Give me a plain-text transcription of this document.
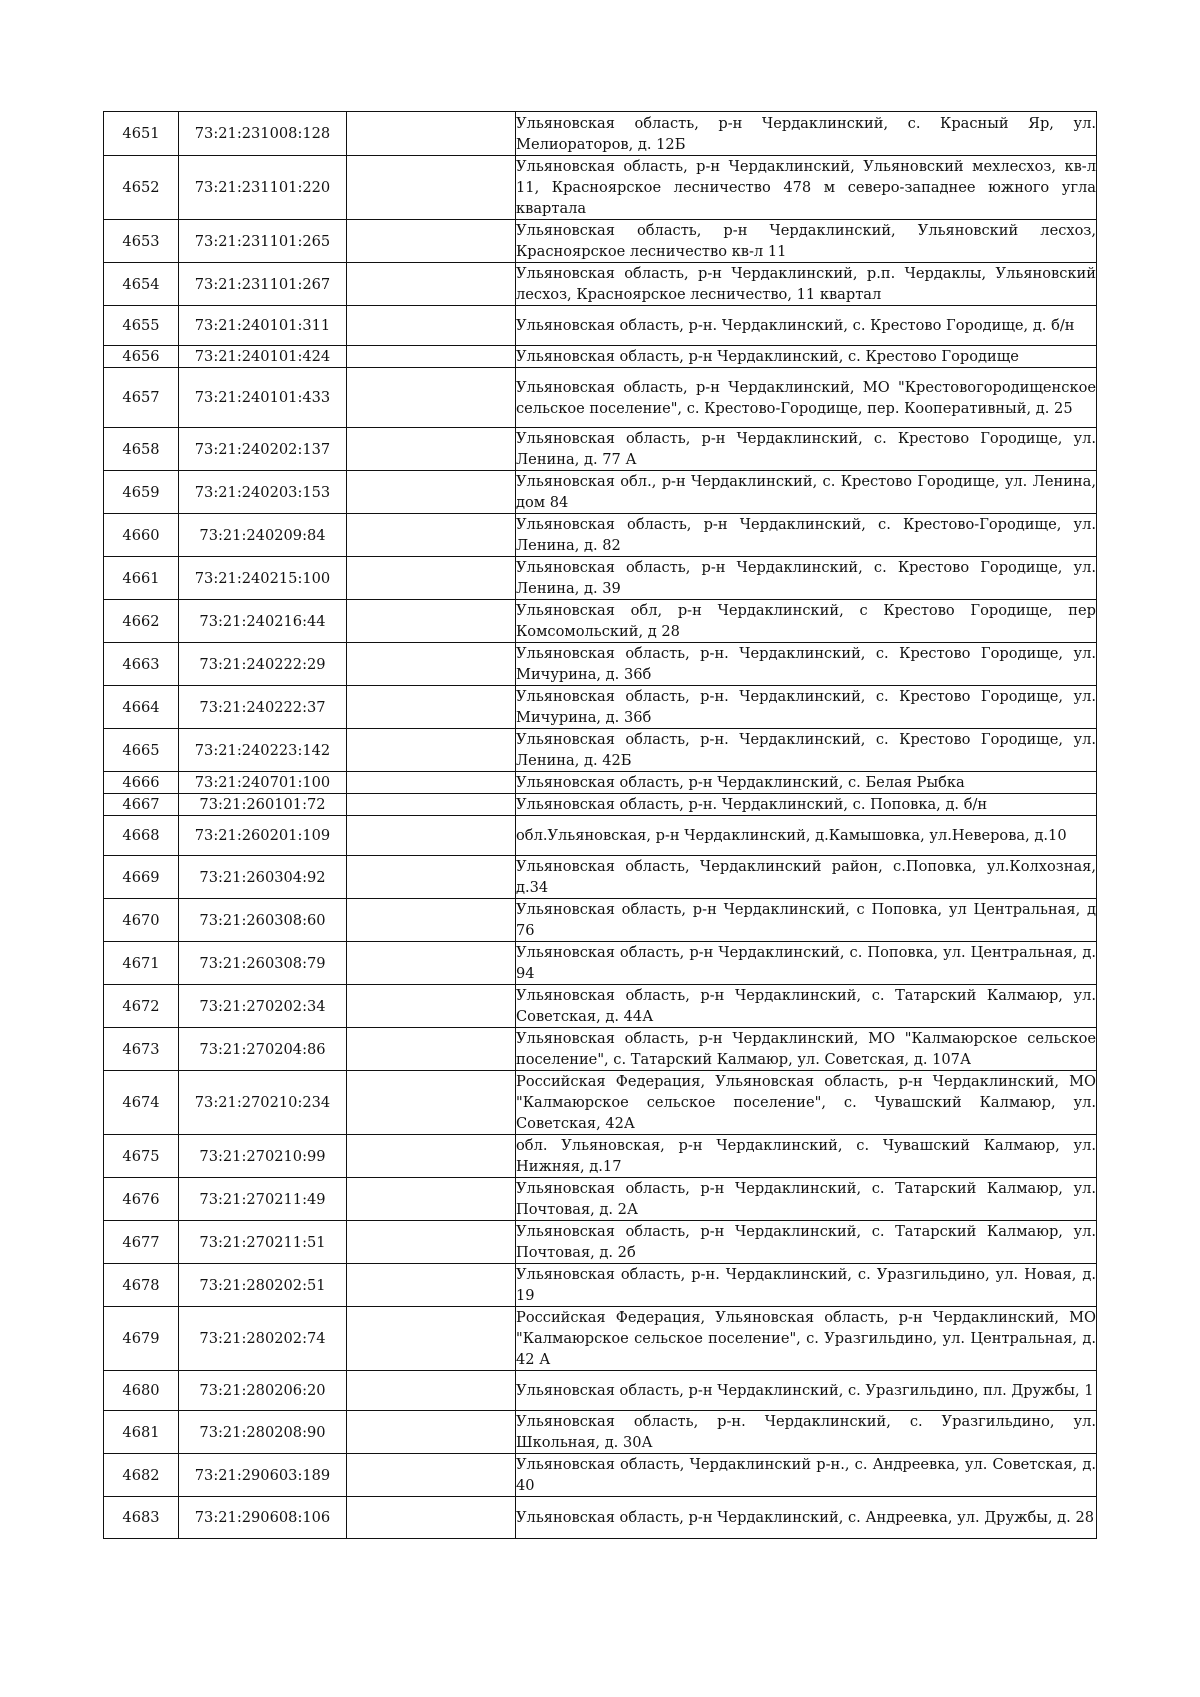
4651	73:21:231008:128		Ульяновская область, р-н Чердаклинский, с. Красный Яр, ул. Мелиораторов, д. 12Б

4652	73:21:231101:220		Ульяновская область, р-н Чердаклинский, Ульяновский мехлесхоз, кв-л 11, Красноярское лесничество 478 м северо-западнее южного угла квартала

4653	73:21:231101:265		Ульяновская область, р-н Чердаклинский, Ульяновский лесхоз, Красноярское лесничество кв-л 11

4654	73:21:231101:267		Ульяновская область, р-н Чердаклинский, р.п. Чердаклы, Ульяновский лесхоз, Красноярское лесничество, 11 квартал

4655	73:21:240101:311		Ульяновская область, р-н. Чердаклинский, с. Крестово Городище, д. б/н

4656	73:21:240101:424		Ульяновская область, р-н Чердаклинский, с. Крестово Городище

4657	73:21:240101:433		Ульяновская область, р-н Чердаклинский, МО "Крестовогородищенское сельское поселение", с. Крестово-Городище, пер. Кооперативный, д. 25

4658	73:21:240202:137		Ульяновская область, р-н Чердаклинский, с. Крестово Городище, ул. Ленина, д. 77 А

4659	73:21:240203:153		Ульяновская обл., р-н Чердаклинский, с. Крестово Городище, ул. Ленина, дом 84

4660	73:21:240209:84		Ульяновская область, р-н Чердаклинский, с. Крестово-Городище, ул. Ленина, д. 82

4661	73:21:240215:100		Ульяновская область, р-н Чердаклинский, с. Крестово Городище, ул. Ленина, д. 39

4662	73:21:240216:44		Ульяновская обл, р-н Чердаклинский, с Крестово Городище, пер Комсомольский, д 28

4663	73:21:240222:29		Ульяновская область, р-н. Чердаклинский, с. Крестово Городище, ул. Мичурина, д. 36б

4664	73:21:240222:37		Ульяновская область, р-н. Чердаклинский, с. Крестово Городище, ул. Мичурина, д. 36б

4665	73:21:240223:142		Ульяновская область, р-н. Чердаклинский, с. Крестово Городище, ул. Ленина, д. 42Б

4666	73:21:240701:100		Ульяновская область, р-н Чердаклинский, с. Белая Рыбка

4667	73:21:260101:72		Ульяновская область, р-н. Чердаклинский, с. Поповка, д. б/н

4668	73:21:260201:109		обл.Ульяновская, р-н Чердаклинский, д.Камышовка, ул.Неверова, д.10

4669	73:21:260304:92		Ульяновская область, Чердаклинский район, с.Поповка, ул.Колхозная, д.34

4670	73:21:260308:60		Ульяновская область, р-н Чердаклинский, с Поповка, ул Центральная, д 76

4671	73:21:260308:79		Ульяновская область, р-н Чердаклинский, с. Поповка, ул. Центральная, д. 94

4672	73:21:270202:34		Ульяновская область, р-н Чердаклинский, с. Татарский Калмаюр, ул. Советская, д. 44А

4673	73:21:270204:86		Ульяновская область, р-н Чердаклинский, МО "Калмаюрское сельское поселение", с. Татарский Калмаюр, ул. Советская, д. 107А

4674	73:21:270210:234		Российская Федерация, Ульяновская область, р-н Чердаклинский, МО "Калмаюрское сельское поселение", с. Чувашский Калмаюр, ул. Советская, 42А

4675	73:21:270210:99		обл. Ульяновская, р-н Чердаклинский, с. Чувашский Калмаюр, ул. Нижняя, д.17

4676	73:21:270211:49		Ульяновская область, р-н Чердаклинский, с. Татарский Калмаюр, ул. Почтовая, д. 2А

4677	73:21:270211:51		Ульяновская область, р-н Чердаклинский, с. Татарский Калмаюр, ул. Почтовая, д. 2б

4678	73:21:280202:51		Ульяновская область, р-н. Чердаклинский, с. Уразгильдино, ул. Новая, д. 19

4679	73:21:280202:74		Российская Федерация, Ульяновская область, р-н Чердаклинский, МО "Калмаюрское сельское поселение", с. Уразгильдино, ул. Центральная, д. 42 А

4680	73:21:280206:20		Ульяновская область, р-н Чердаклинский, с. Уразгильдино, пл. Дружбы, 1

4681	73:21:280208:90		Ульяновская область, р-н. Чердаклинский, с. Уразгильдино, ул. Школьная, д. 30А

4682	73:21:290603:189		Ульяновская область, Чердаклинский р-н., с. Андреевка, ул. Советская, д. 40

4683	73:21:290608:106		Ульяновская область, р-н Чердаклинский, с. Андреевка, ул. Дружбы, д. 28
